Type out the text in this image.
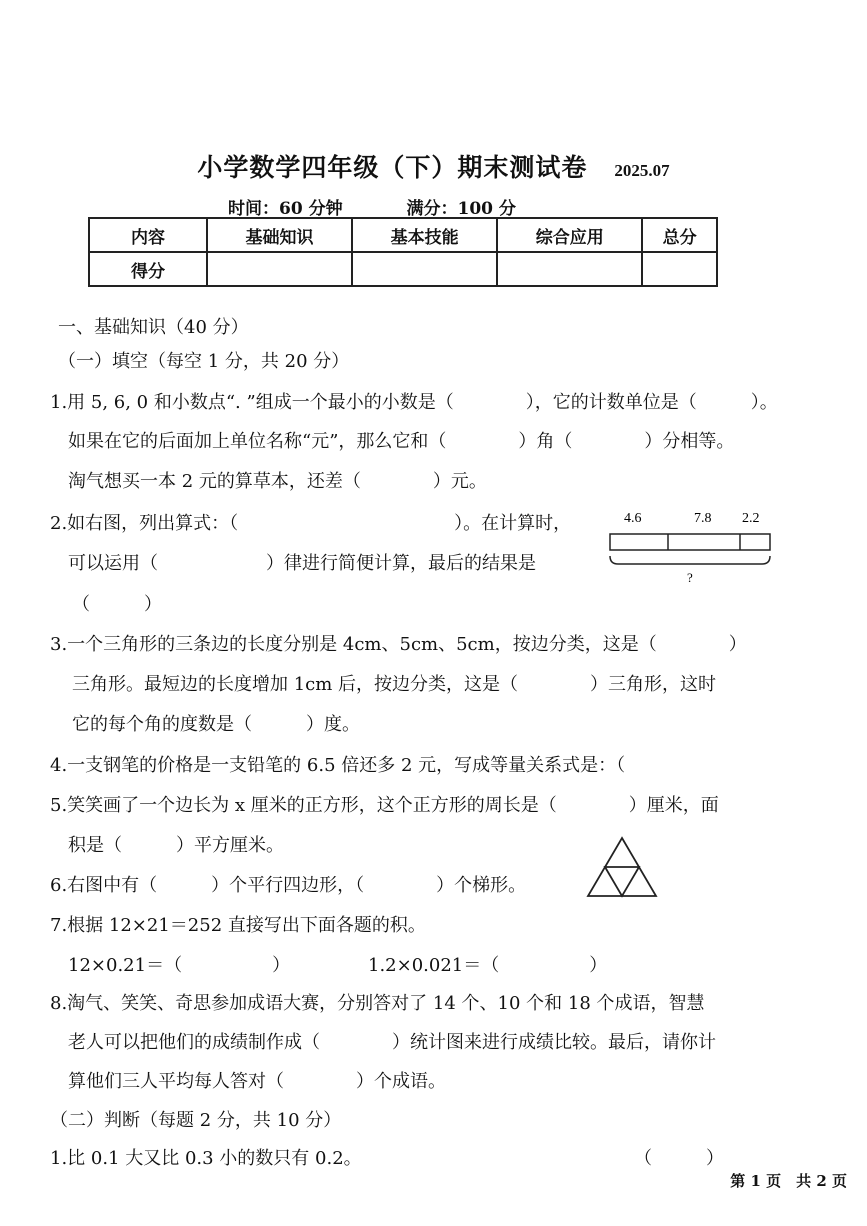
小学数学四年级（下）期末测试卷 2025.07
时间：60 分钟	满分：100 分
内容	基础知识	基本技能	综合应用	总分
得分				
一、基础知识（40 分）
（一）填空（每空 1 分，共 20 分）
1.用 5, 6, 0 和小数点“. ”组成一个最小的小数是（　　　　），它的计数单位是（　　　）。
如果在它的后面加上单位名称“元”，那么它和（　　　　）角（　　　　）分相等。
淘气想买一本 2 元的算草本，还差（　　　　）元。
2.如右图，列出算式：（　　　　　　　　　　　　）。在计算时，
可以运用（　　　　　　）律进行简便计算，最后的结果是
（　　　）
4.6	7.8 2.2
?
3.一个三角形的三条边的长度分别是 4cm、5cm、5cm，按边分类，这是（　　　　）
三角形。最短边的长度增加 1cm 后，按边分类，这是（　　　　）三角形，这时
它的每个角的度数是（　　　）度。
4.一支钢笔的价格是一支铅笔的 6.5 倍还多 2 元，写成等量关系式是：（
5.笑笑画了一个边长为 x 厘米的正方形，这个正方形的周长是（　　　　）厘米，面
积是（　　　）平方厘米。
6.右图中有（　　　）个平行四边形，（　　　　）个梯形。
7.根据 12×21＝252 直接写出下面各题的积。
12×0.21＝（　　　　　）	1.2×0.021＝（　　　　　）
8.淘气、笑笑、奇思参加成语大赛，分别答对了 14 个、10 个和 18 个成语，智慧
老人可以把他们的成绩制作成（　　　　）统计图来进行成绩比较。最后，请你计
算他们三人平均每人答对（　　　　）个成语。
（二）判断（每题 2 分，共 10 分）
1.比 0.1 大又比 0.3 小的数只有 0.2。	（　　　）
第 1 页　共 2 页
